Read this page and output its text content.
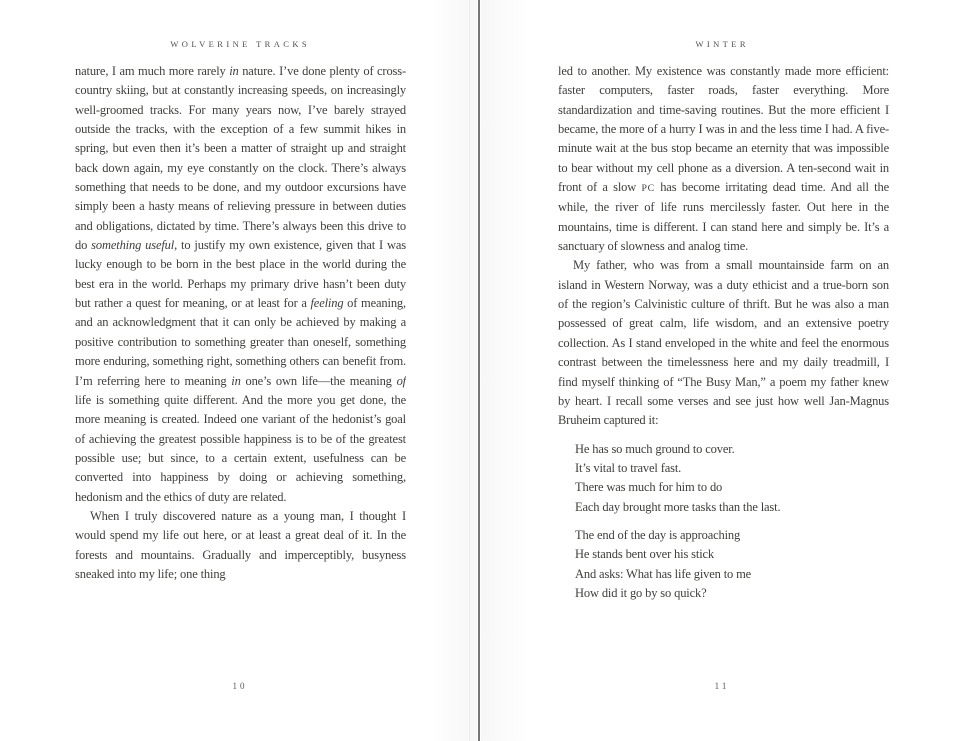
WOLVERINE TRACKS

nature, I am much more rarely in nature. I’ve done plenty of cross-country skiing, but at constantly increasing speeds, on increasingly well-groomed tracks. For many years now, I’ve barely strayed outside the tracks, with the exception of a few summit hikes in spring, but even then it’s been a matter of straight up and straight back down again, my eye constantly on the clock. There’s always something that needs to be done, and my outdoor excursions have simply been a hasty means of relieving pressure in between duties and obligations, dictated by time. There’s always been this drive to do something useful, to justify my own existence, given that I was lucky enough to be born in the best place in the world during the best era in the world. Perhaps my primary drive hasn’t been duty but rather a quest for meaning, or at least for a feeling of meaning, and an acknowledgment that it can only be achieved by making a positive contribution to something greater than oneself, something more enduring, something right, something others can benefit from. I’m referring here to meaning in one’s own life—the meaning of life is something quite different. And the more you get done, the more meaning is created. Indeed one variant of the hedonist’s goal of achieving the greatest possible happiness is to be of the greatest possible use; but since, to a certain extent, usefulness can be converted into happiness by doing or achieving something, hedonism and the ethics of duty are related.

When I truly discovered nature as a young man, I thought I would spend my life out here, or at least a great deal of it. In the forests and mountains. Gradually and imperceptibly, busyness sneaked into my life; one thing

10
WINTER

led to another. My existence was constantly made more efficient: faster computers, faster roads, faster everything. More standardization and time-saving routines. But the more efficient I became, the more of a hurry I was in and the less time I had. A five-minute wait at the bus stop became an eternity that was impossible to bear without my cell phone as a diversion. A ten-second wait in front of a slow PC has become irritating dead time. And all the while, the river of life runs mercilessly faster. Out here in the mountains, time is different. I can stand here and simply be. It’s a sanctuary of slowness and analog time.

My father, who was from a small mountainside farm on an island in Western Norway, was a duty ethicist and a true-born son of the region’s Calvinistic culture of thrift. But he was also a man possessed of great calm, life wisdom, and an extensive poetry collection. As I stand enveloped in the white and feel the enormous contrast between the timelessness here and my daily treadmill, I find myself thinking of “The Busy Man,” a poem my father knew by heart. I recall some verses and see just how well Jan-Magnus Bruheim captured it:

He has so much ground to cover.
It’s vital to travel fast.
There was much for him to do
Each day brought more tasks than the last.
The end of the day is approaching
He stands bent over his stick
And asks: What has life given to me
How did it go by so quick?
11
